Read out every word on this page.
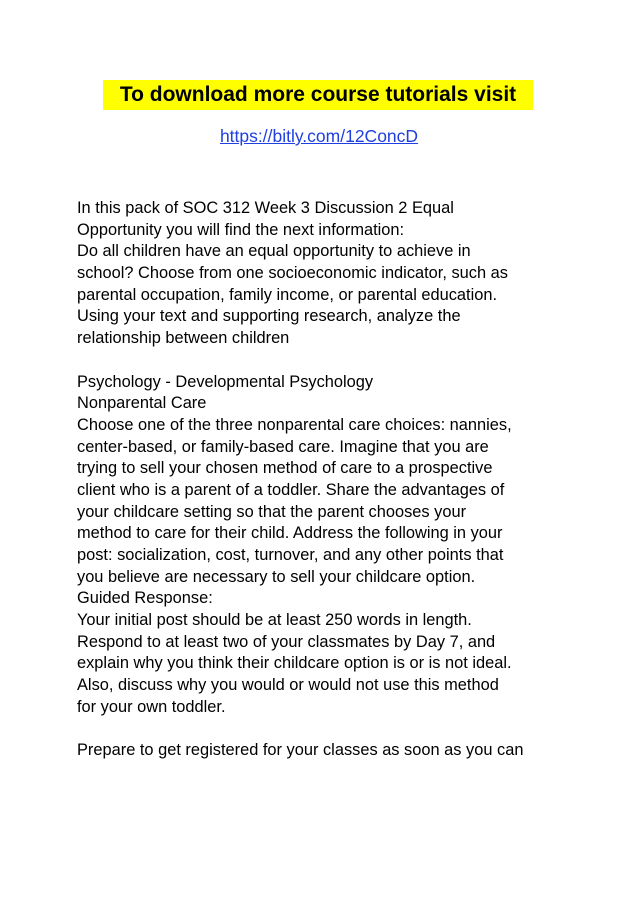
To download more course tutorials visit
https://bitly.com/12ConcD
In this pack of SOC 312 Week 3 Discussion 2 Equal
Opportunity you will find the next information:
Do all children have an equal opportunity to achieve in
school? Choose from one socioeconomic indicator, such as
parental occupation, family income, or parental education.
Using your text and supporting research, analyze the
relationship between children
Psychology - Developmental Psychology
Nonparental Care
Choose one of the three nonparental care choices: nannies,
center-based, or family-based care. Imagine that you are
trying to sell your chosen method of care to a prospective
client who is a parent of a toddler. Share the advantages of
your childcare setting so that the parent chooses your
method to care for their child. Address the following in your
post: socialization, cost, turnover, and any other points that
you believe are necessary to sell your childcare option.
Guided Response:
Your initial post should be at least 250 words in length.
Respond to at least two of your classmates by Day 7, and
explain why you think their childcare option is or is not ideal.
Also, discuss why you would or would not use this method
for your own toddler.
Prepare to get registered for your classes as soon as you can
